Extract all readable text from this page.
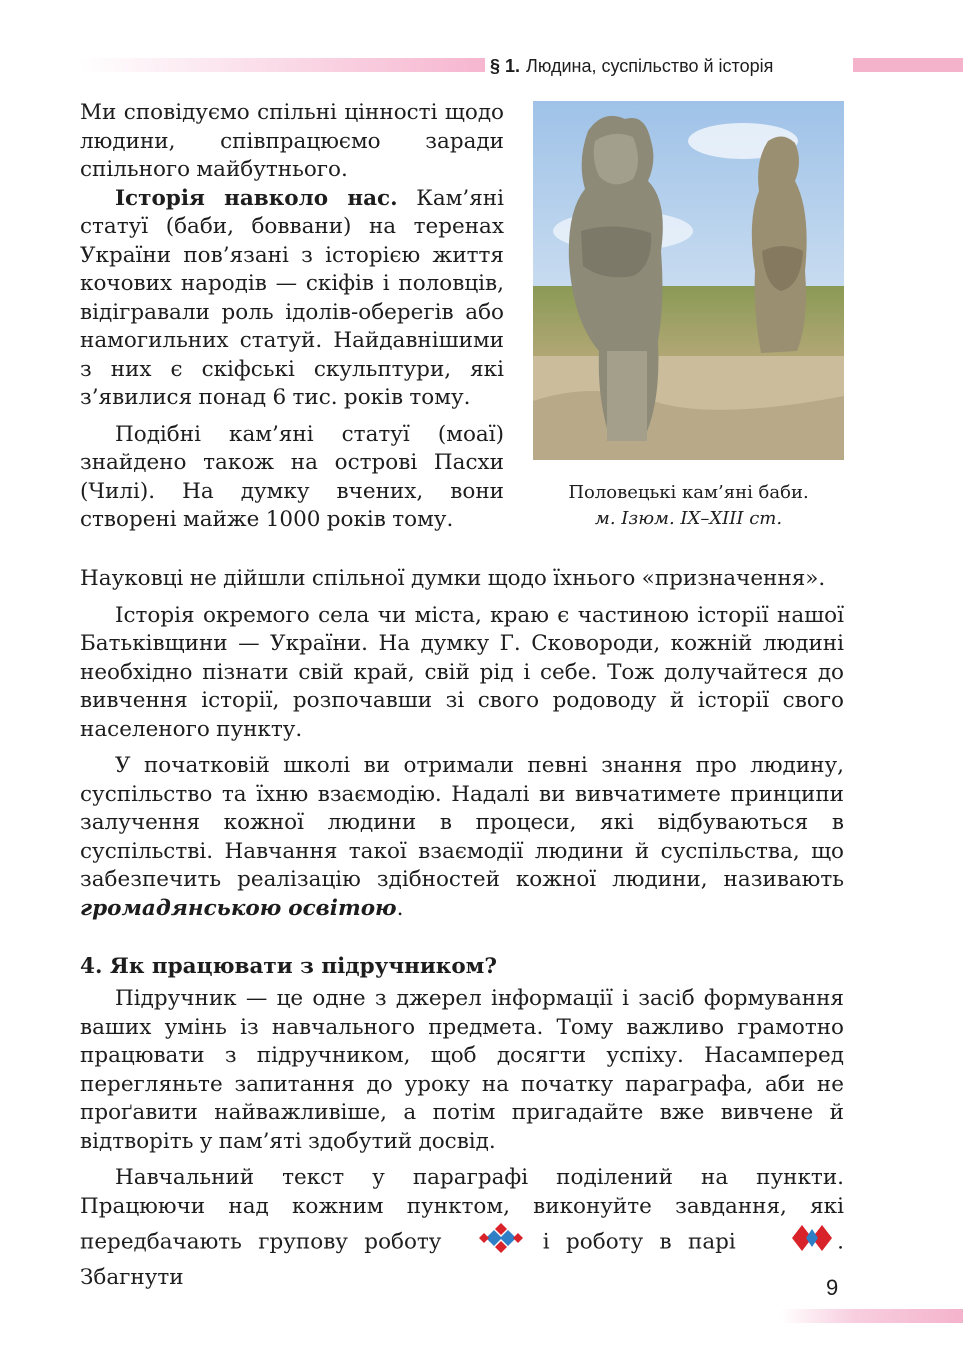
§ 1. Людина, суспільство й історія

Ми сповідуємо спільні цінності щодо людини, співпрацюємо заради спільного майбутнього.

Історія навколо нас. Кам’яні статуї (баби, боввани) на теренах України пов’язані з історією життя кочових народів — скіфів і половців, відігравали роль ідолів-оберегів або намогильних статуй. Найдавнішими з них є скіфські скульптури, які з’явилися понад 6 тис. років тому.

Подібні кам’яні статуї (моаї) знайдено також на острові Пасхи (Чилі). На думку вчених, вони створені майже 1000 років тому.

Половецькі кам’яні баби.
м. Ізюм. IX–XIII ст.

Науковці не дійшли спільної думки щодо їхнього «призначення».

Історія окремого села чи міста, краю є частиною історії нашої Батьківщини — України. На думку Г. Сковороди, кожній людині необхідно пізнати свій край, свій рід і себе. Тож долучайтеся до вивчення історії, розпочавши зі свого родоводу й історії свого населеного пункту.

У початковій школі ви отримали певні знання про людину, суспільство та їхню взаємодію. Надалі ви вивчатимете принципи залучення кожної людини в процеси, які відбуваються в суспільстві. Навчання такої взаємодії людини й суспільства, що забезпечить реалізацію здібностей кожної людини, називають громадянською освітою.

4. Як працювати з підручником?

Підручник — це одне з джерел інформації і засіб формування ваших умінь із навчального предмета. Тому важливо грамотно працювати з підручником, щоб досягти успіху. Насамперед перегляньте запитання до уроку на початку параграфа, аби не проґавити найважливіше, а потім пригадайте вже вивчене й відтворіть у пам’яті здобутий досвід.

Навчальний текст у параграфі поділений на пункти. Працюючи над кожним пунктом, виконуйте завдання, які передбачають групову роботу	і роботу в парі	. Збагнути	9
